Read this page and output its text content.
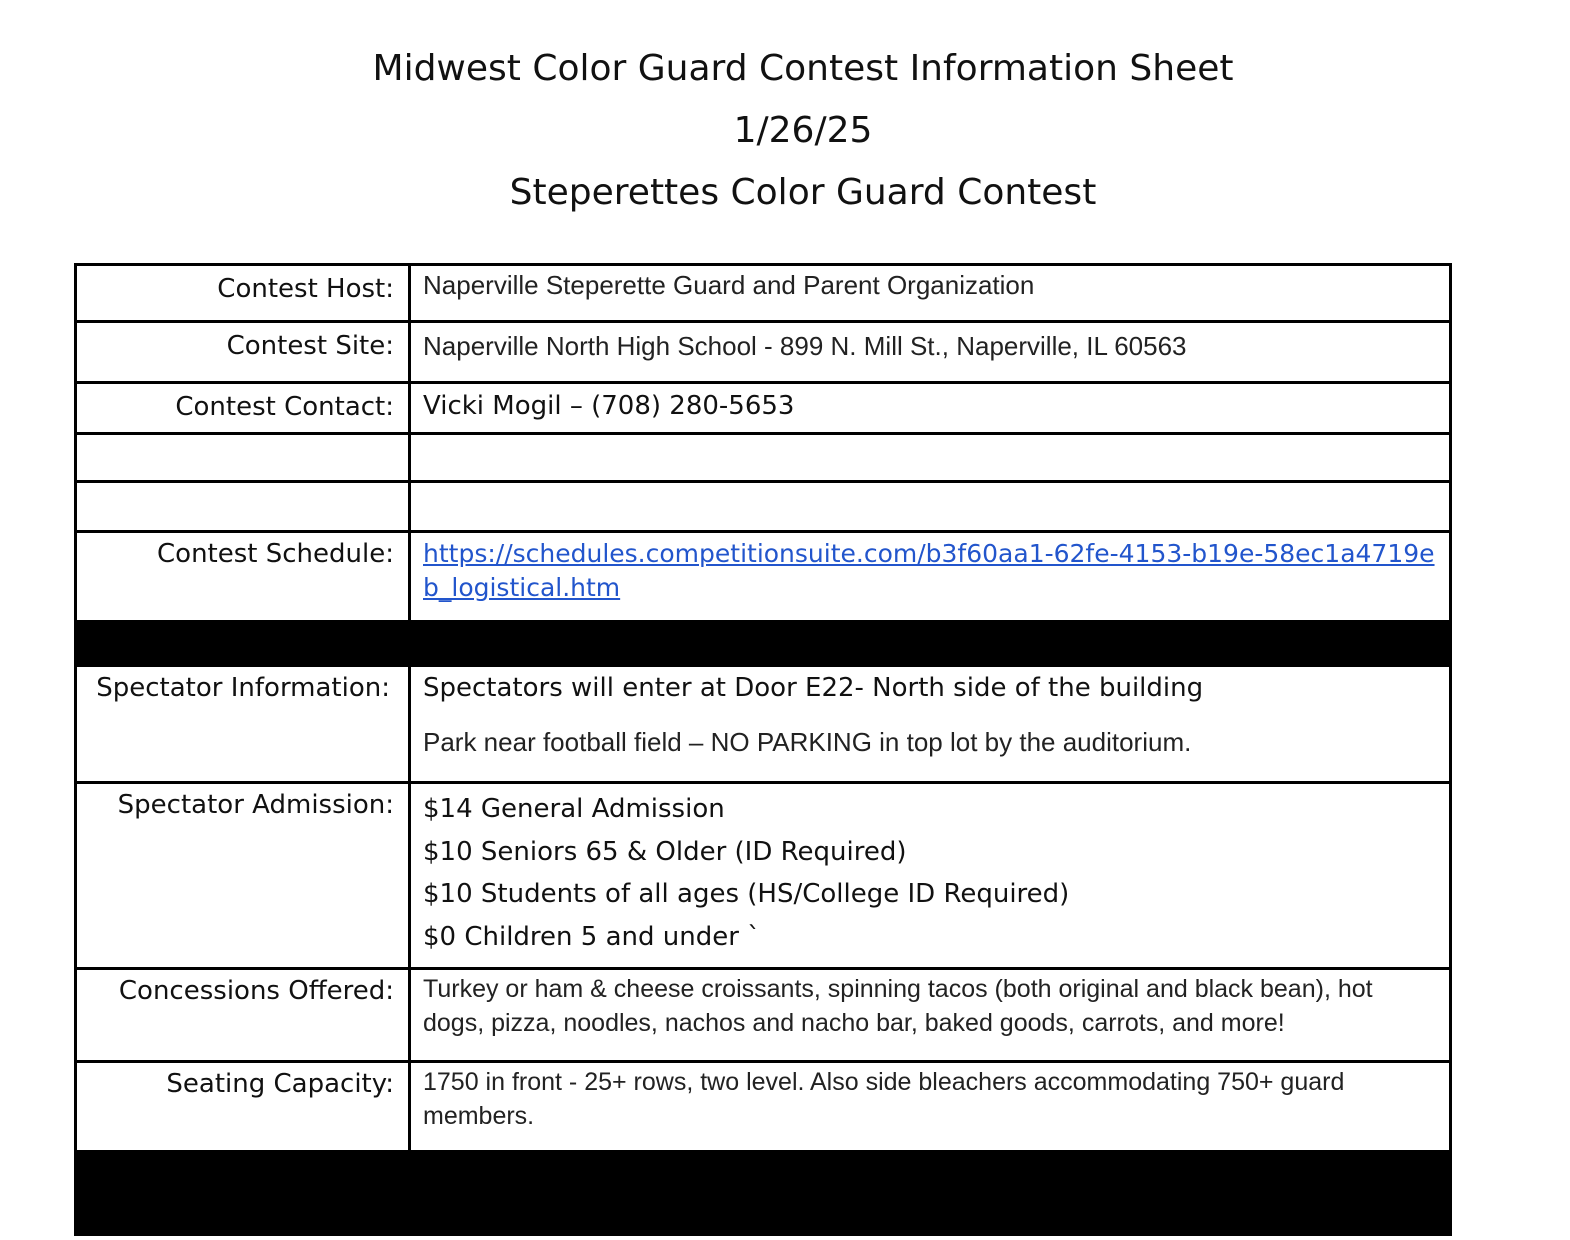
Midwest Color Guard Contest Information Sheet
1/26/25
Steperettes Color Guard Contest
Contest Host:	Naperville Steperette Guard and Parent Organization
Contest Site:	Naperville North High School - 899 N. Mill St., Naperville, IL 60563
Contest Contact:	Vicki Mogil – (708) 280-5653
Contest Schedule:	https://schedules.competitionsuite.com/b3f60aa1-62fe-4153-b19e-58ec1a4719eb_logistical.htm
Spectator Information:	Spectators will enter at Door E22- North side of the building
Park near football field – NO PARKING in top lot by the auditorium.
Spectator Admission:	$14 General Admission
$10 Seniors 65 & Older (ID Required)
$10 Students of all ages (HS/College ID Required)
$0 Children 5 and under `
Concessions Offered:	Turkey or ham & cheese croissants, spinning tacos (both original and black bean), hot dogs, pizza, noodles, nachos and nacho bar, baked goods, carrots, and more!
Seating Capacity:	1750 in front - 25+ rows, two level. Also side bleachers accommodating 750+ guard members.
